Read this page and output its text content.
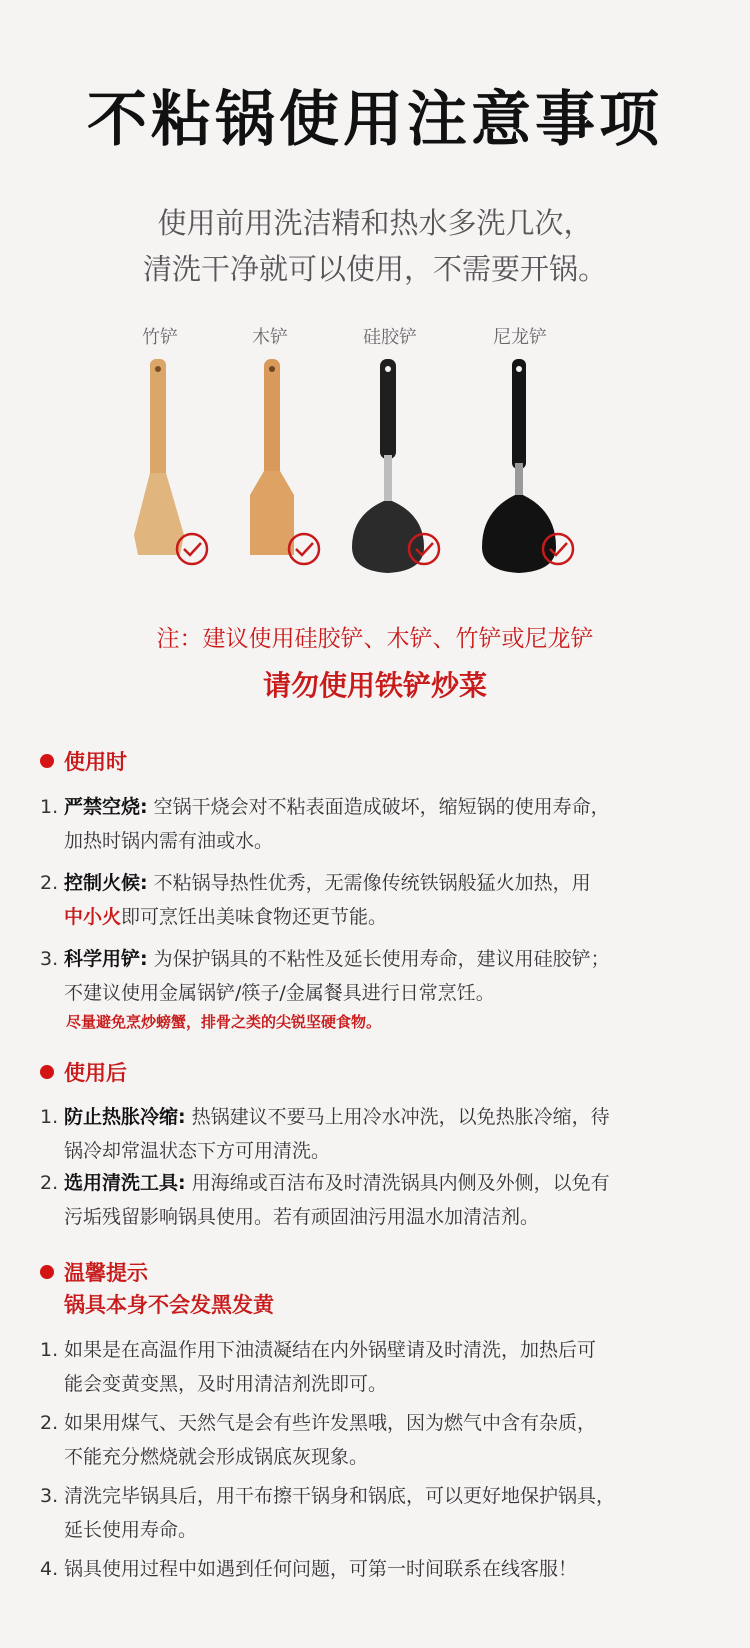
不粘锅使用注意事项
使用前用洗洁精和热水多洗几次，
清洗干净就可以使用，不需要开锅。
竹铲	木铲	硅胶铲	尼龙铲
注：建议使用硅胶铲、木铲、竹铲或尼龙铲
请勿使用铁铲炒菜
使用时
1. 严禁空烧: 空锅干烧会对不粘表面造成破坏，缩短锅的使用寿命，
加热时锅内需有油或水。
2. 控制火候: 不粘锅导热性优秀，无需像传统铁锅般猛火加热，用
中小火即可烹饪出美味食物还更节能。
3. 科学用铲: 为保护锅具的不粘性及延长使用寿命，建议用硅胶铲；
不建议使用金属锅铲/筷子/金属餐具进行日常烹饪。
尽量避免烹炒螃蟹，排骨之类的尖锐坚硬食物。
使用后
1. 防止热胀冷缩: 热锅建议不要马上用冷水冲洗，以免热胀冷缩，待
锅冷却常温状态下方可用清洗。
2. 选用清洗工具: 用海绵或百洁布及时清洗锅具内侧及外侧，以免有
污垢残留影响锅具使用。若有顽固油污用温水加清洁剂。
温馨提示
锅具本身不会发黑发黄
1. 如果是在高温作用下油渍凝结在内外锅壁请及时清洗，加热后可
能会变黄变黑，及时用清洁剂洗即可。
2. 如果用煤气、天然气是会有些许发黑哦，因为燃气中含有杂质，
不能充分燃烧就会形成锅底灰现象。
3. 清洗完毕锅具后，用干布擦干锅身和锅底，可以更好地保护锅具，
延长使用寿命。
4. 锅具使用过程中如遇到任何问题，可第一时间联系在线客服！
